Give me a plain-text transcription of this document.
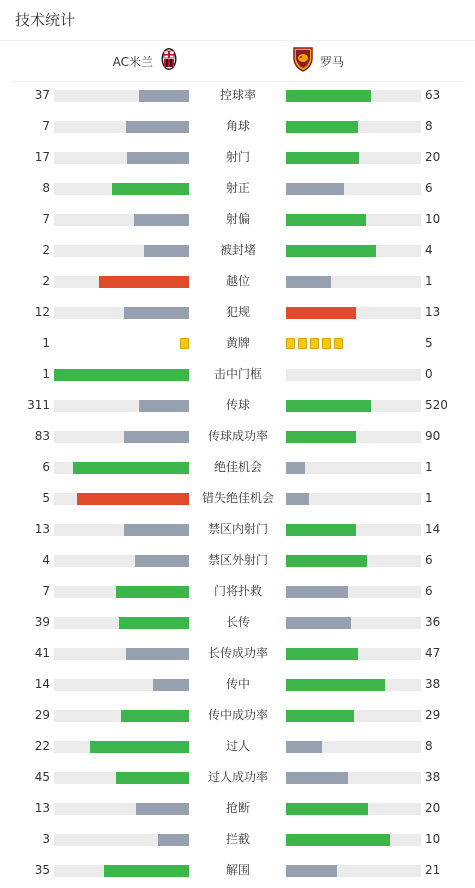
技术统计
AC米兰	罗马
37	控球率	63
7	角球	8
17	射门	20
8	射正	6
7	射偏	10
2	被封堵	4
2	越位	1
12	犯规	13
1	黄牌	5
1	击中门框	0
311	传球	520
83	传球成功率	90
6	绝佳机会	1
5	错失绝佳机会	1
13	禁区内射门	14
4	禁区外射门	6
7	门将扑救	6
39	长传	36
41	长传成功率	47
14	传中	38
29	传中成功率	29
22	过人	8
45	过人成功率	38
13	抢断	20
3	拦截	10
35	解围	21
